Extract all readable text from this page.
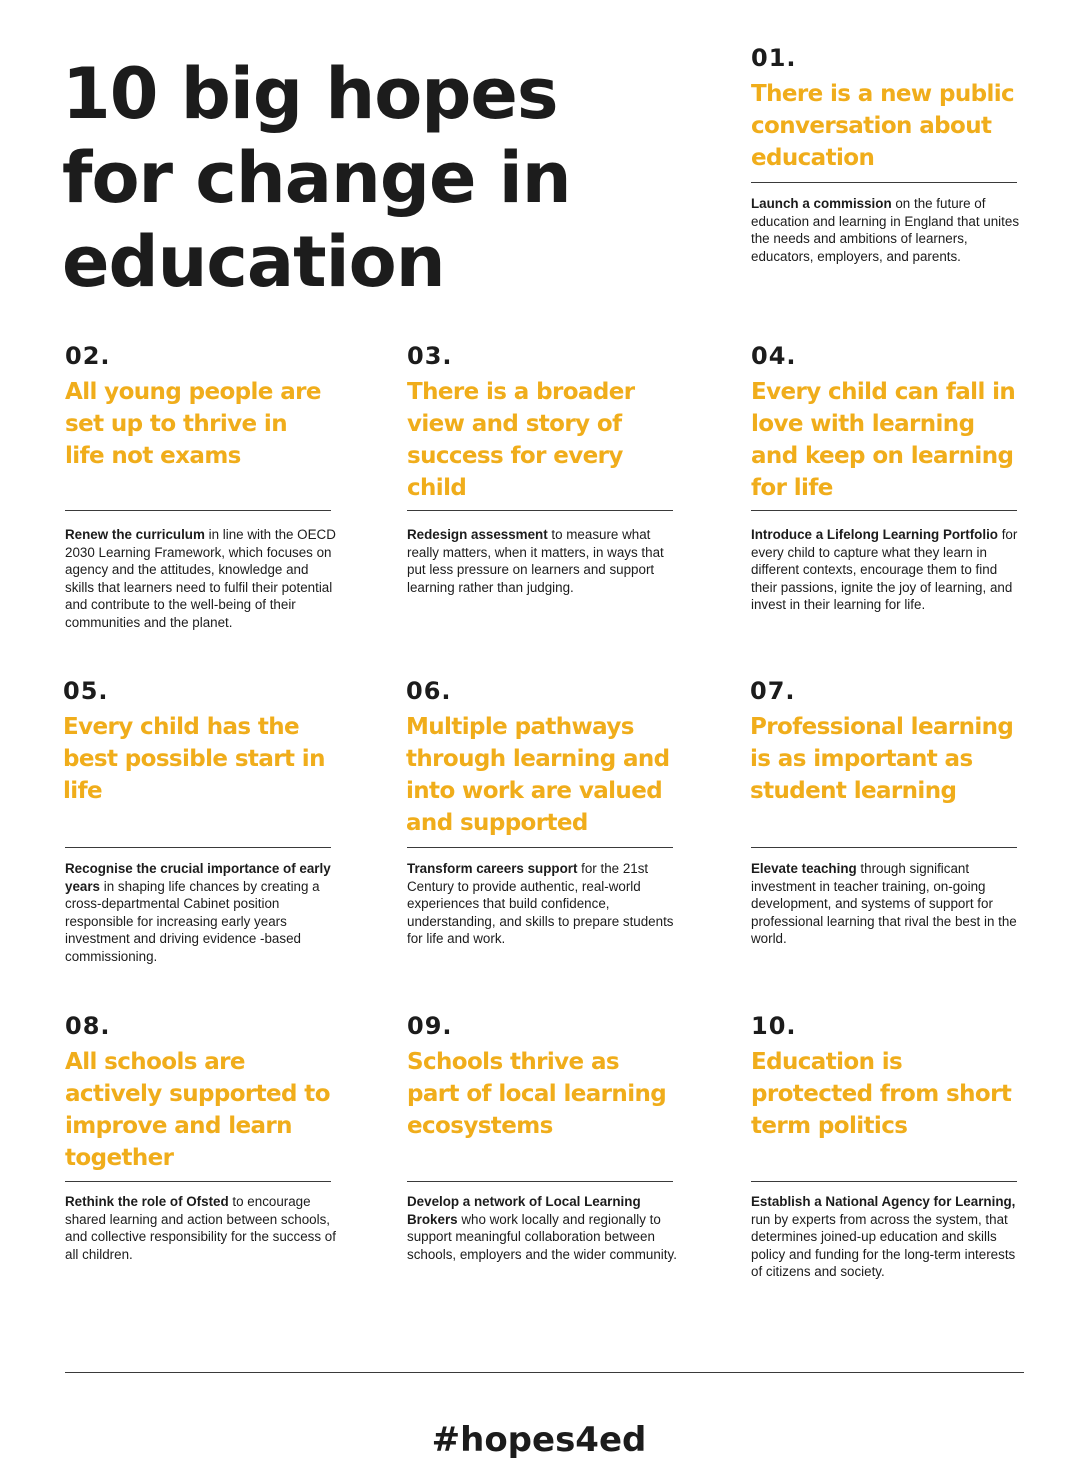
10 big hopes for change in education
01.
There is a new public conversation about education
Launch a commission on the future of education and learning in England that unites the needs and ambitions of learners, educators, employers, and parents.
02.
All young people are set up to thrive in life not exams
Renew the curriculum in line with the OECD 2030 Learning Framework, which focuses on agency and the attitudes, knowledge and skills that learners need to fulfil their potential and contribute to the well-being of their communities and the planet.
03.
There is a broader view and story of success for every child
Redesign assessment to measure what really matters, when it matters, in ways that put less pressure on learners and support learning rather than judging.
04.
Every child can fall in love with learning and keep on learning for life
Introduce a Lifelong Learning Portfolio for every child to capture what they learn in different contexts, encourage them to find their passions, ignite the joy of learning, and invest in their learning for life.
05.
Every child has the best possible start in life
Recognise the crucial importance of early years in shaping life chances by creating a cross-departmental Cabinet position responsible for increasing early years investment and driving evidence -based commissioning.
06.
Multiple pathways through learning and into work are valued and supported
Transform careers support for the 21st Century to provide authentic, real-world experiences that build confidence, understanding, and skills to prepare students for life and work.
07.
Professional learning is as important as student learning
Elevate teaching through significant investment in teacher training, on-going development, and systems of support for professional learning that rival the best in the world.
08.
All schools are actively supported to improve and learn together
Rethink the role of Ofsted to encourage shared learning and action between schools, and collective responsibility for the success of all children.
09.
Schools thrive as part of local learning ecosystems
Develop a network of Local Learning Brokers who work locally and regionally to support meaningful collaboration between schools, employers and the wider community.
10.
Education is protected from short term politics
Establish a National Agency for Learning, run by experts from across the system, that determines joined-up education and skills policy and funding for the long-term interests of citizens and society.
#hopes4ed
